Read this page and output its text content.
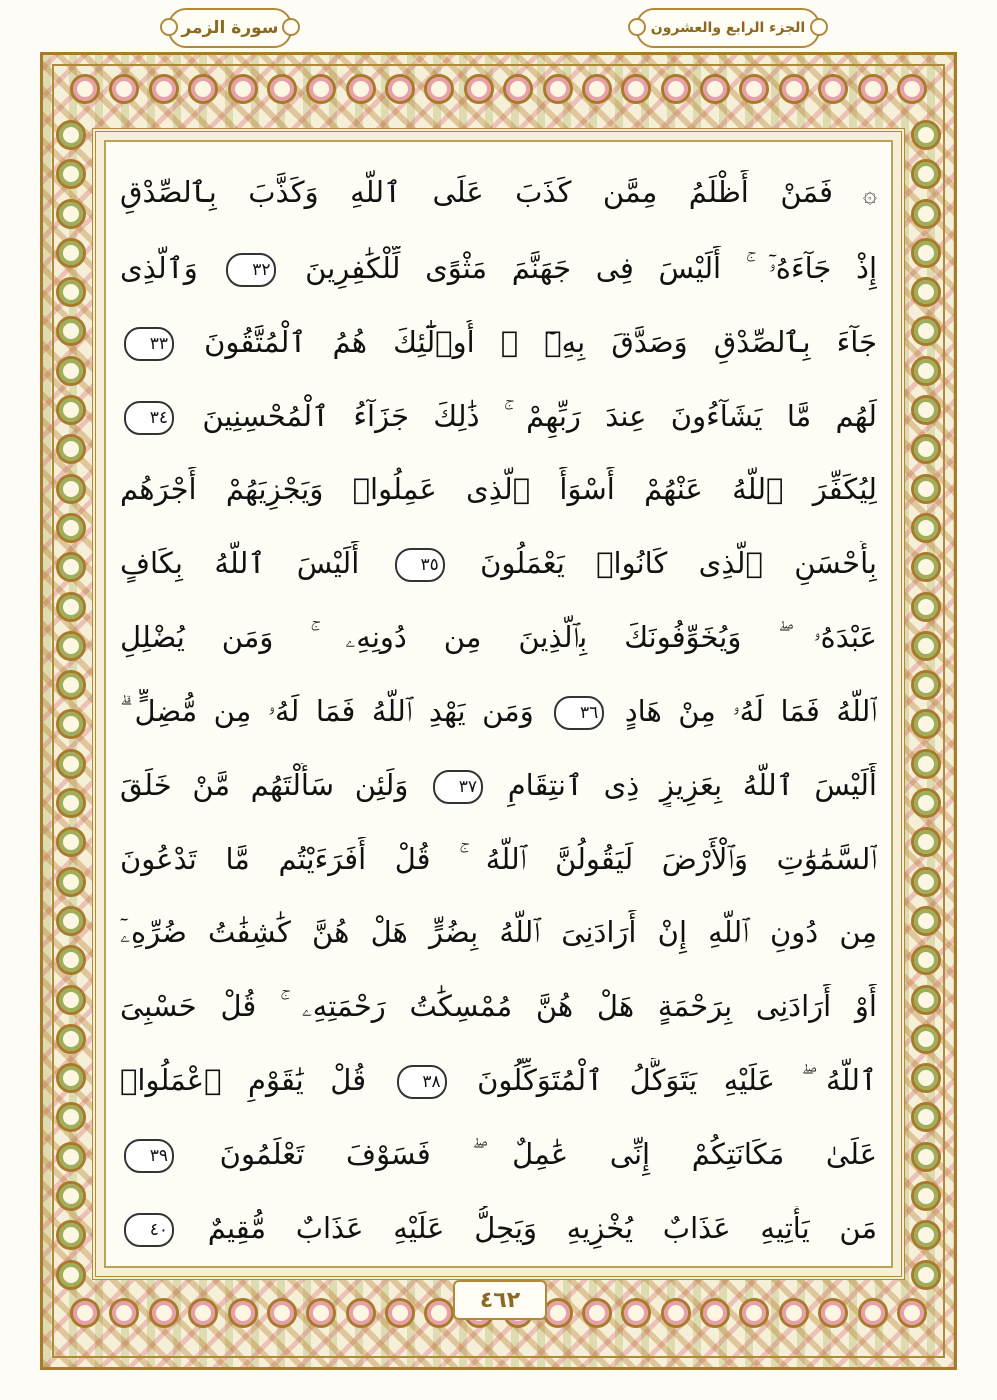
سورة الزمر	الجزء الرابع والعشرون
۞ فَمَنْ أَظْلَمُ مِمَّن كَذَبَ عَلَى ٱللَّهِ وَكَذَّبَ بِٱلصِّدْقِ
إِذْ جَآءَهُۥٓ ۚ أَلَيْسَ فِى جَهَنَّمَ مَثْوًى لِّلْكَٰفِرِينَ ٣٢ وَٱلَّذِى
جَآءَ بِٱلصِّدْقِ وَصَدَّقَ بِهِۦٓ ۙ أُو۟لَٰٓئِكَ هُمُ ٱلْمُتَّقُونَ ٣٣
لَهُم مَّا يَشَآءُونَ عِندَ رَبِّهِمْ ۚ ذَٰلِكَ جَزَآءُ ٱلْمُحْسِنِينَ ٣٤
لِيُكَفِّرَ ٱللَّهُ عَنْهُمْ أَسْوَأَ ٱلَّذِى عَمِلُوا۟ وَيَجْزِيَهُمْ أَجْرَهُم
بِأَحْسَنِ ٱلَّذِى كَانُوا۟ يَعْمَلُونَ ٣٥ أَلَيْسَ ٱللَّهُ بِكَافٍ
عَبْدَهُۥ ۖ وَيُخَوِّفُونَكَ بِٱلَّذِينَ مِن دُونِهِۦ ۚ وَمَن يُضْلِلِ
ٱللَّهُ فَمَا لَهُۥ مِنْ هَادٍ ٣٦ وَمَن يَهْدِ ٱللَّهُ فَمَا لَهُۥ مِن مُّضِلٍّ ۗ
أَلَيْسَ ٱللَّهُ بِعَزِيزٍ ذِى ٱنتِقَامٍ ٣٧ وَلَئِن سَأَلْتَهُم مَّنْ خَلَقَ
ٱلسَّمَٰوَٰتِ وَٱلْأَرْضَ لَيَقُولُنَّ ٱللَّهُ ۚ قُلْ أَفَرَءَيْتُم مَّا تَدْعُونَ
مِن دُونِ ٱللَّهِ إِنْ أَرَادَنِىَ ٱللَّهُ بِضُرٍّ هَلْ هُنَّ كَٰشِفَٰتُ ضُرِّهِۦٓ
أَوْ أَرَادَنِى بِرَحْمَةٍ هَلْ هُنَّ مُمْسِكَٰتُ رَحْمَتِهِۦ ۚ قُلْ حَسْبِىَ
ٱللَّهُ ۖ عَلَيْهِ يَتَوَكَّلُ ٱلْمُتَوَكِّلُونَ ٣٨ قُلْ يَٰقَوْمِ ٱعْمَلُوا۟
عَلَىٰ مَكَانَتِكُمْ إِنِّى عَٰمِلٌ ۖ فَسَوْفَ تَعْلَمُونَ ٣٩
مَن يَأْتِيهِ عَذَابٌ يُخْزِيهِ وَيَحِلُّ عَلَيْهِ عَذَابٌ مُّقِيمٌ ٤٠
٤٦٢
